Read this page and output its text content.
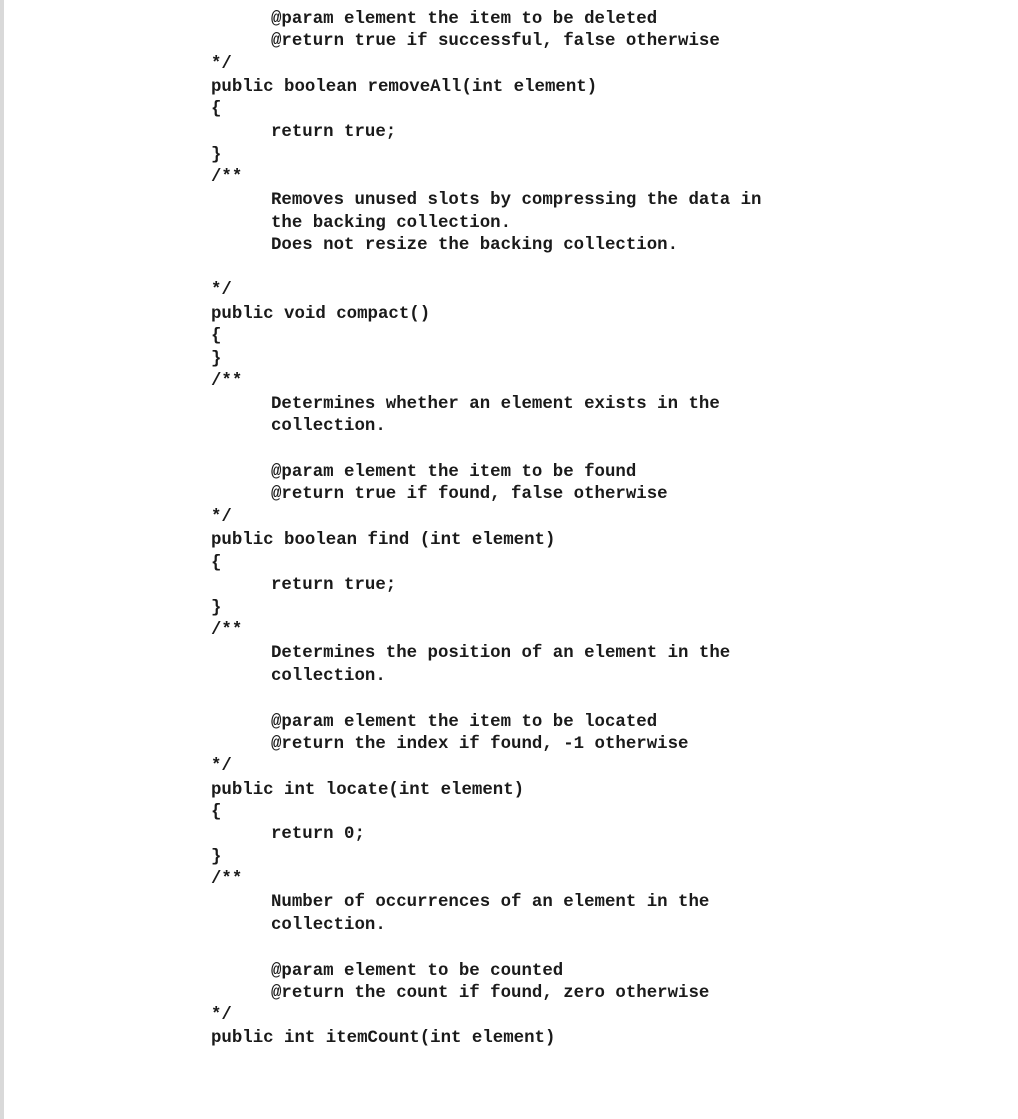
@param element the item to be deleted

@return true if successful, false otherwise

*/

public boolean removeAll(int element)

{

return true;

}

/**

Removes unused slots by compressing the data in

the backing collection.

Does not resize the backing collection.

*/

public void compact()

{

}

/**

Determines whether an element exists in the

collection.

@param element the item to be found

@return true if found, false otherwise

*/

public boolean find (int element)

{

return true;

}

/**

Determines the position of an element in the

collection.

@param element the item to be located

@return the index if found, -1 otherwise

*/

public int locate(int element)

{

return 0;

}

/**

Number of occurrences of an element in the

collection.

@param element to be counted

@return the count if found, zero otherwise

*/

public int itemCount(int element)
